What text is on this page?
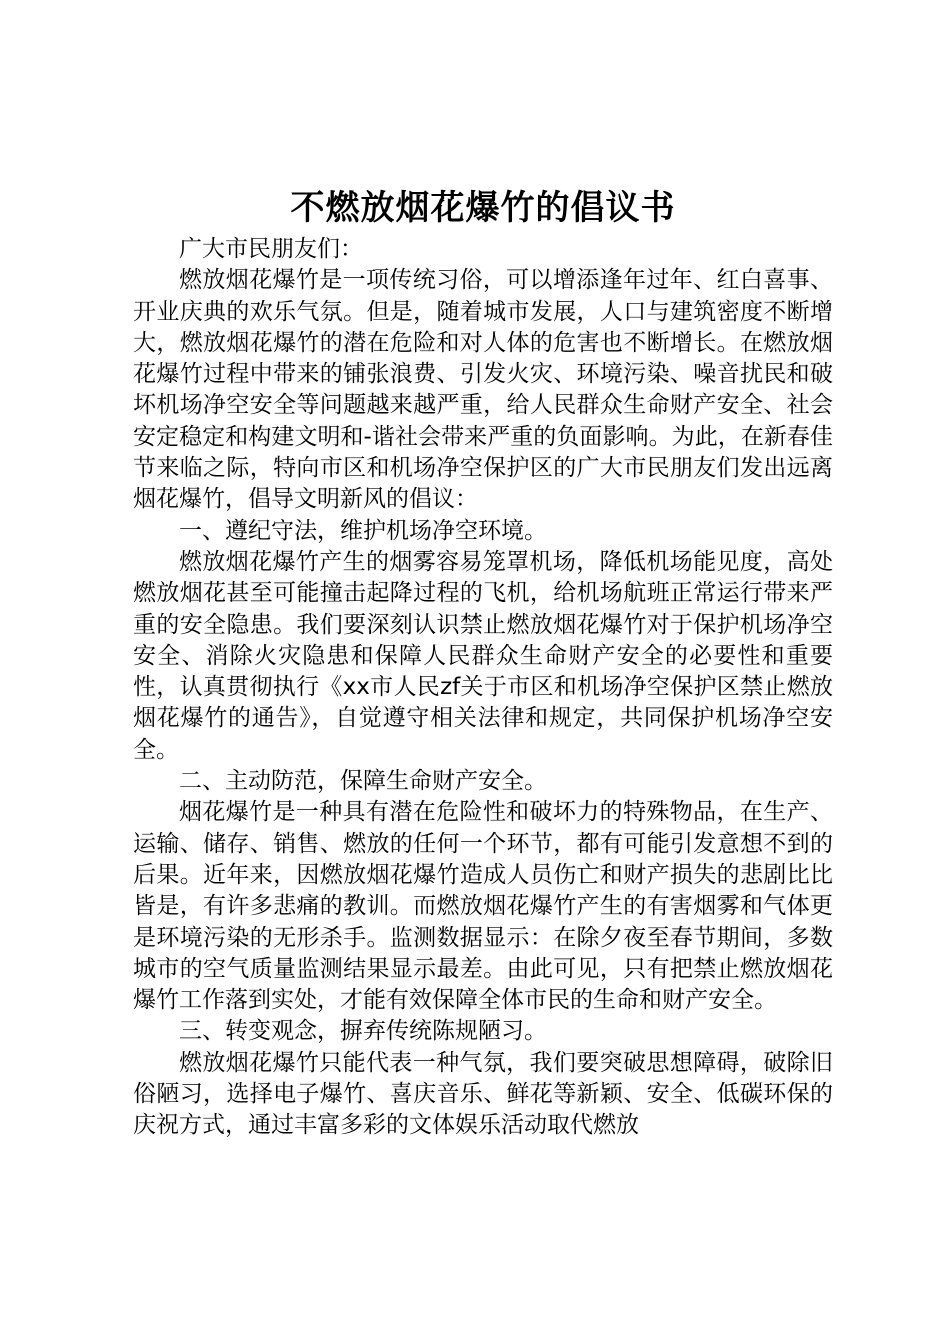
不燃放烟花爆竹的倡议书

广大市民朋友们：

燃放烟花爆竹是一项传统习俗，可以增添逢年过年、红白喜事、开业庆典的欢乐气氛。但是，随着城市发展，人口与建筑密度不断增大，燃放烟花爆竹的潜在危险和对人体的危害也不断增长。在燃放烟花爆竹过程中带来的铺张浪费、引发火灾、环境污染、噪音扰民和破坏机场净空安全等问题越来越严重，给人民群众生命财产安全、社会安定稳定和构建文明和-谐社会带来严重的负面影响。为此，在新春佳节来临之际，特向市区和机场净空保护区的广大市民朋友们发出远离烟花爆竹，倡导文明新风的倡议：

一、遵纪守法，维护机场净空环境。

燃放烟花爆竹产生的烟雾容易笼罩机场，降低机场能见度，高处燃放烟花甚至可能撞击起降过程的飞机，给机场航班正常运行带来严重的安全隐患。我们要深刻认识禁止燃放烟花爆竹对于保护机场净空安全、消除火灾隐患和保障人民群众生命财产安全的必要性和重要性，认真贯彻执行《xx市人民zf关于市区和机场净空保护区禁止燃放烟花爆竹的通告》，自觉遵守相关法律和规定，共同保护机场净空安全。

二、主动防范，保障生命财产安全。

烟花爆竹是一种具有潜在危险性和破坏力的特殊物品，在生产、运输、储存、销售、燃放的任何一个环节，都有可能引发意想不到的后果。近年来，因燃放烟花爆竹造成人员伤亡和财产损失的悲剧比比皆是，有许多悲痛的教训。而燃放烟花爆竹产生的有害烟雾和气体更是环境污染的无形杀手。监测数据显示：在除夕夜至春节期间，多数城市的空气质量监测结果显示最差。由此可见，只有把禁止燃放烟花爆竹工作落到实处，才能有效保障全体市民的生命和财产安全。

三、转变观念，摒弃传统陈规陋习。

燃放烟花爆竹只能代表一种气氛，我们要突破思想障碍，破除旧俗陋习，选择电子爆竹、喜庆音乐、鲜花等新颖、安全、低碳环保的庆祝方式，通过丰富多彩的文体娱乐活动取代燃放
